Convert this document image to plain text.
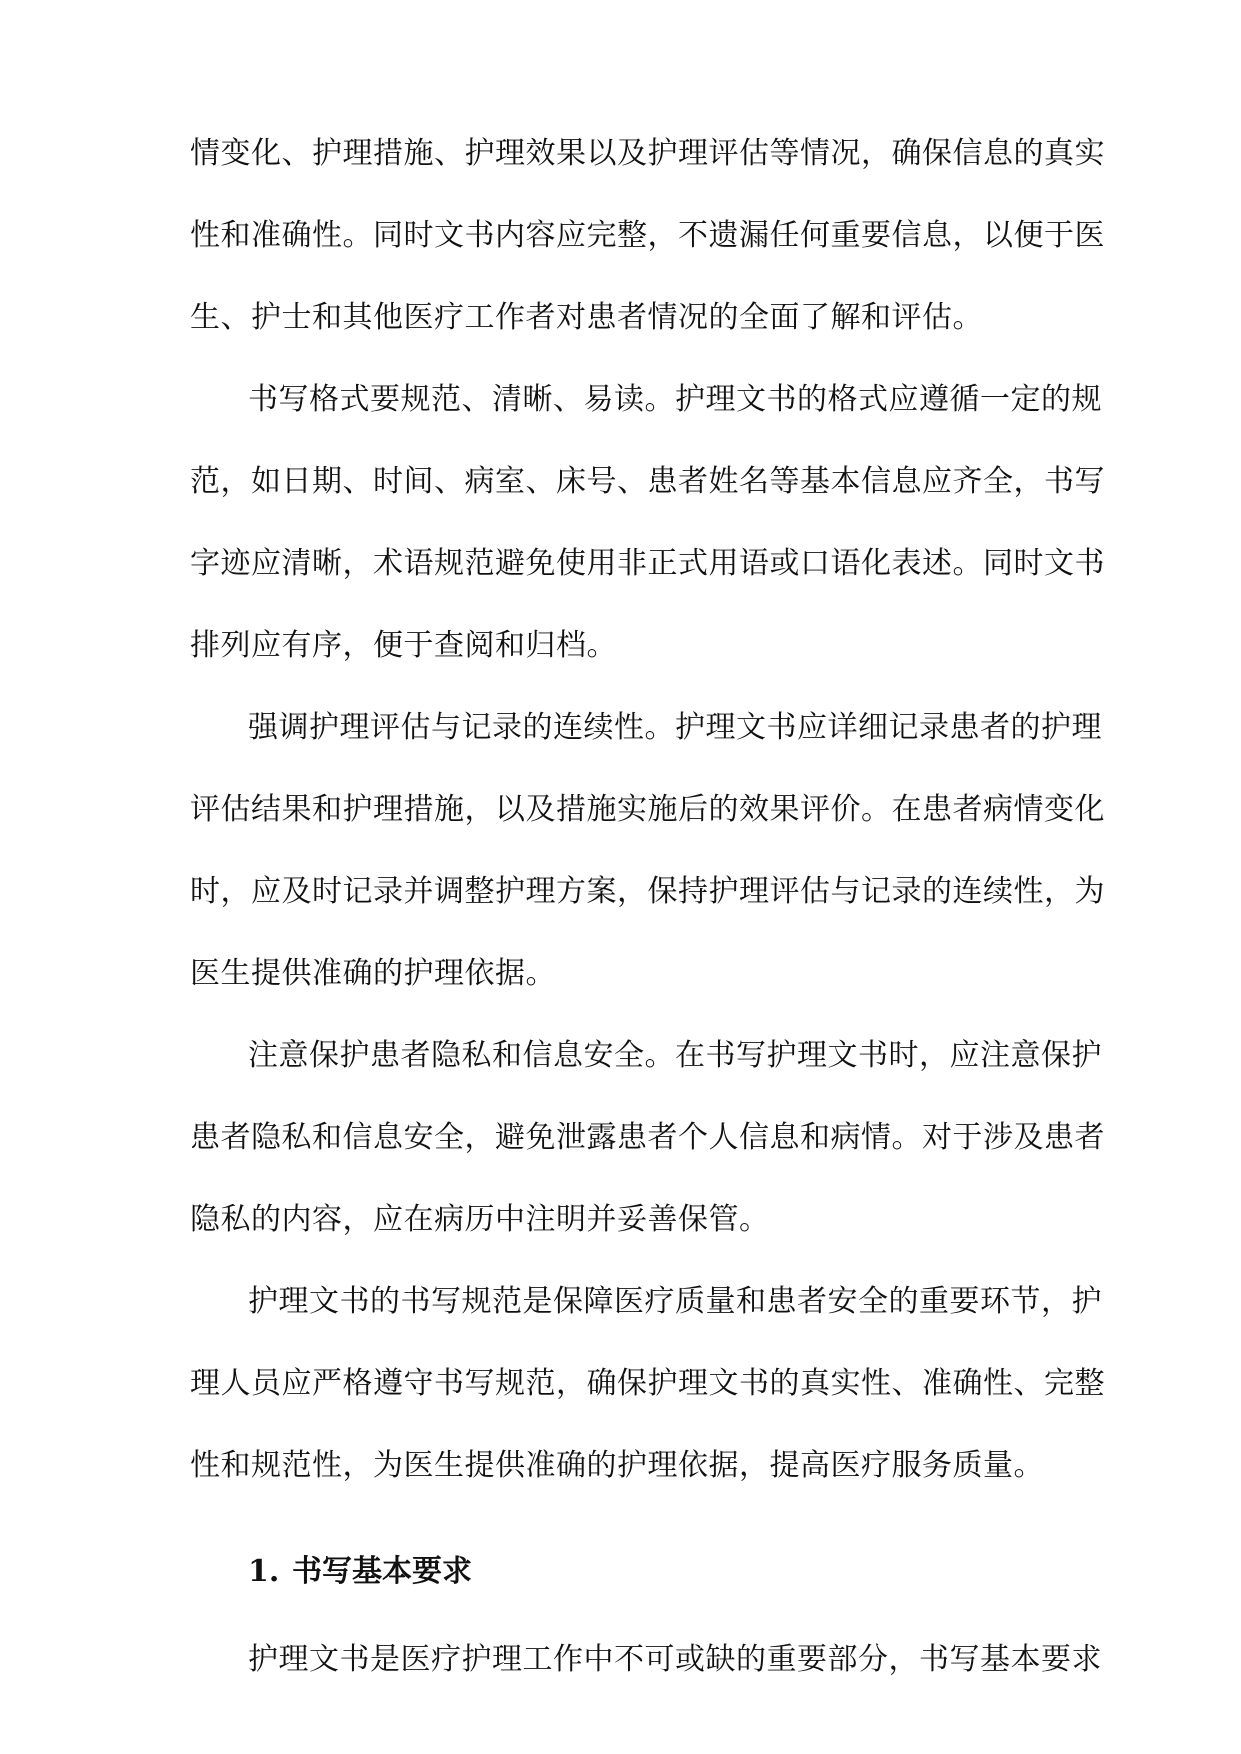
情变化、护理措施、护理效果以及护理评估等情况，确保信息的真实
性和准确性。同时文书内容应完整，不遗漏任何重要信息，以便于医
生、护士和其他医疗工作者对患者情况的全面了解和评估。
书写格式要规范、清晰、易读。护理文书的格式应遵循一定的规
范，如日期、时间、病室、床号、患者姓名等基本信息应齐全，书写
字迹应清晰，术语规范避免使用非正式用语或口语化表述。同时文书
排列应有序，便于查阅和归档。
强调护理评估与记录的连续性。护理文书应详细记录患者的护理
评估结果和护理措施，以及措施实施后的效果评价。在患者病情变化
时，应及时记录并调整护理方案，保持护理评估与记录的连续性，为
医生提供准确的护理依据。
注意保护患者隐私和信息安全。在书写护理文书时，应注意保护
患者隐私和信息安全，避免泄露患者个人信息和病情。对于涉及患者
隐私的内容，应在病历中注明并妥善保管。
护理文书的书写规范是保障医疗质量和患者安全的重要环节，护
理人员应严格遵守书写规范，确保护理文书的真实性、准确性、完整
性和规范性，为医生提供准确的护理依据，提高医疗服务质量。
1. 书写基本要求
护理文书是医疗护理工作中不可或缺的重要部分，书写基本要求
